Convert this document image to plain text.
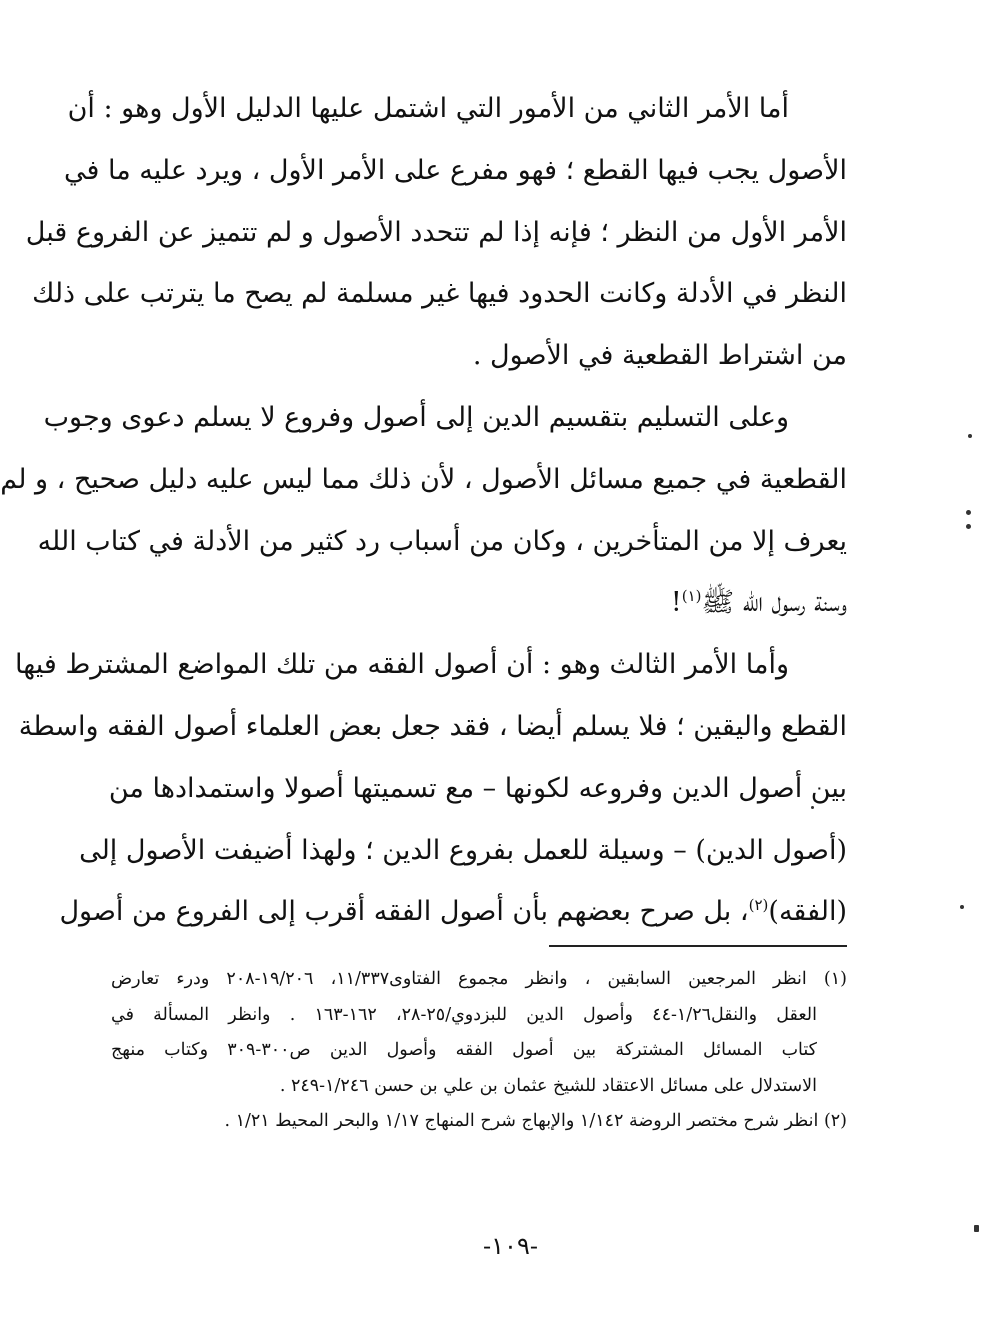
أما الأمر الثاني من الأمور التي اشتمل عليها الدليل الأول وهو : أن
الأصول يجب فيها القطع ؛ فهو مفرع على الأمر الأول ، ويرد عليه ما في
الأمر الأول من النظر ؛ فإنه إذا لم تتحدد الأصول و لم تتميز عن الفروع قبل
النظر في الأدلة وكانت الحدود فيها غير مسلمة لم يصح ما يترتب على ذلك
من اشتراط القطعية في الأصول .
وعلى التسليم بتقسيم الدين إلى أصول وفروع لا يسلم دعوى وجوب
القطعية في جميع مسائل الأصول ، لأن ذلك مما ليس عليه دليل صحيح ، و لم
يعرف إلا من المتأخرين ، وكان من أسباب رد كثير من الأدلة في كتاب الله
وسنة رسول الله ﷺ$^{(١)}$!
وأما الأمر الثالث وهو : أن أصول الفقه من تلك المواضع المشترط فيها
القطع واليقين ؛ فلا يسلم أيضا ، فقد جعل بعض العلماء أصول الفقه واسطة
بين أصول الدين وفروعه لكونها – مع تسميتها أصولا واستمدادها من
(أصول الدين) – وسيلة للعمل بفروع الدين ؛ ولهذا أضيفت الأصول إلى
(الفقه)$^{(٢)}$، بل صرح بعضهم بأن أصول الفقه أقرب إلى الفروع من أصول
(١) انظر المرجعين السابقين ، وانظر مجموع الفتاوى١١/٣٣٧، ١٩/٢٠٦-٢٠٨ ودرء تعارض
العقل والنقل١/٢٦-٤٤ وأصول الدين للبزدوي/٢٥-٢٨، ١٦٢-١٦٣ . وانظر المسألة في
كتاب المسائل المشتركة بين أصول الفقه وأصول الدين ص٣٠٠-٣٠٩ وكتاب منهج
الاستدلال على مسائل الاعتقاد للشيخ عثمان بن علي بن حسن ١/٢٤٦-٢٤٩ .
(٢) انظر شرح مختصر الروضة ١/١٤٢ والإبهاج شرح المنهاج ١/١٧ والبحر المحيط ١/٢١ .
-١٠٩-
